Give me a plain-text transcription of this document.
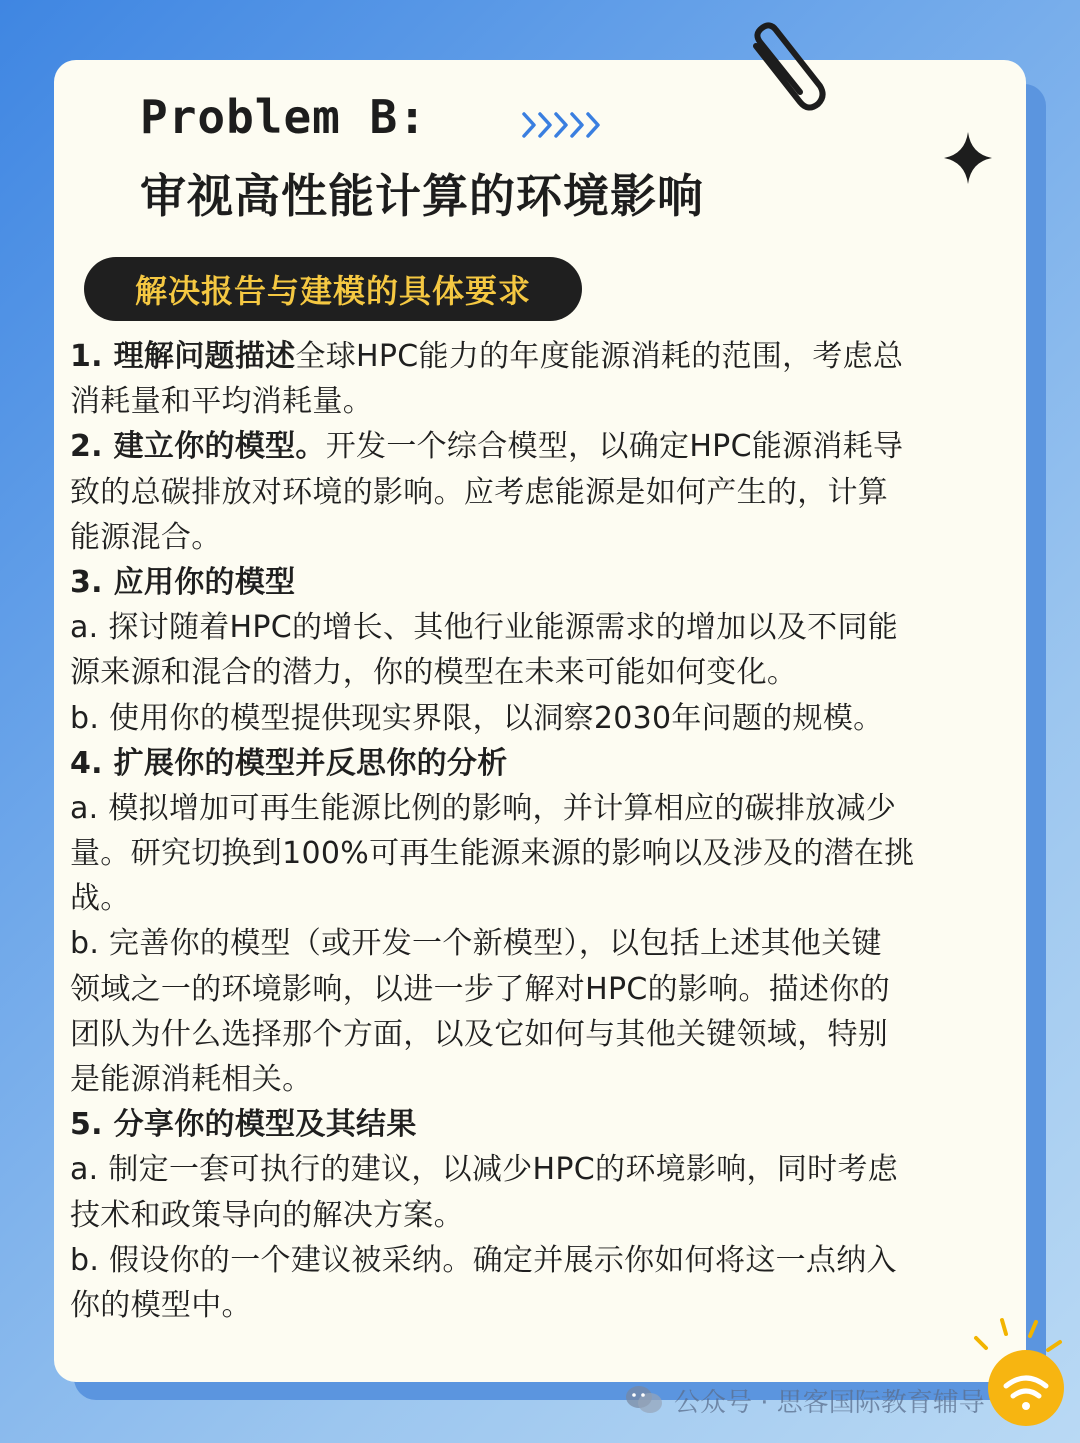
Problem B:
审视高性能计算的环境影响
解决报告与建模的具体要求
1. 理解问题描述全球HPC能力的年度能源消耗的范围，考虑总
消耗量和平均消耗量。
2. 建立你的模型。开发一个综合模型，以确定HPC能源消耗导
致的总碳排放对环境的影响。应考虑能源是如何产生的，计算
能源混合。
3. 应用你的模型
a. 探讨随着HPC的增长、其他行业能源需求的增加以及不同能
源来源和混合的潜力，你的模型在未来可能如何变化。
b. 使用你的模型提供现实界限，以洞察2030年问题的规模。
4. 扩展你的模型并反思你的分析
a. 模拟增加可再生能源比例的影响，并计算相应的碳排放减少
量。研究切换到100%可再生能源来源的影响以及涉及的潜在挑
战。
b. 完善你的模型（或开发一个新模型），以包括上述其他关键
领域之一的环境影响，以进一步了解对HPC的影响。描述你的
团队为什么选择那个方面，以及它如何与其他关键领域，特别
是能源消耗相关。
5. 分享你的模型及其结果
a. 制定一套可执行的建议，以减少HPC的环境影响，同时考虑
技术和政策导向的解决方案。
b. 假设你的一个建议被采纳。确定并展示你如何将这一点纳入
你的模型中。
公众号 · 思客国际教育辅导
